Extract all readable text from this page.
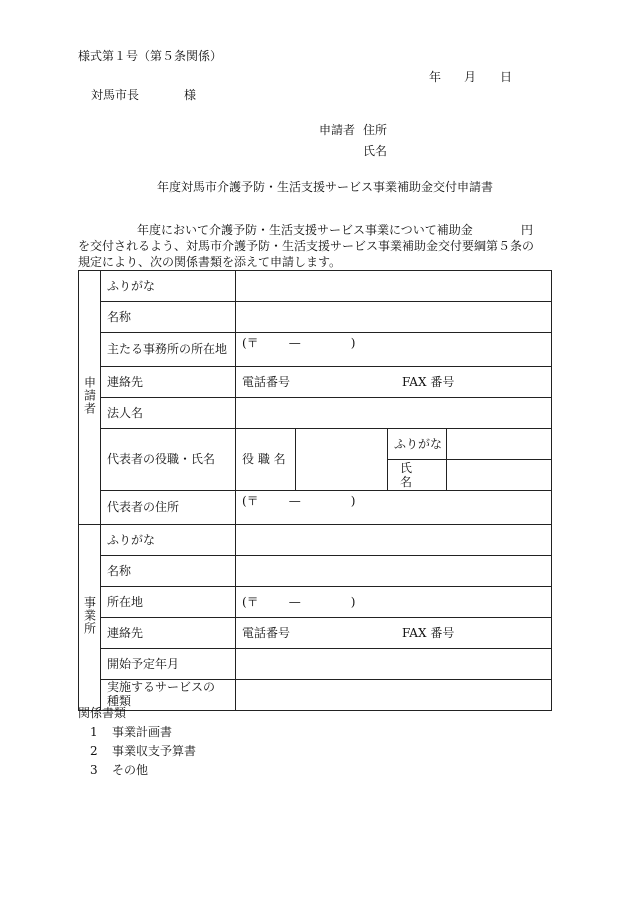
様式第１号（第５条関係）
年 月 日
対馬市長	様
申請者 住所
氏名
年度対馬市介護予防・生活支援サービス事業補助金交付申請書
年度において介護予防・生活支援サービス事業について補助金	円
を交付されるよう、対馬市介護予防・生活支援サービス事業補助金交付要綱第５条の
規定により、次の関係書類を添えて申請します。
申請者	ふりがな				
	名称				
	主たる事務所の所在地	(〒 — )			
	連絡先	電話番号 FAX 番号			
	法人名				
	代表者の役職・氏名	役 職 名		ふりがな	
				氏　　名	
	代表者の住所	(〒 — )			
事業所	ふりがな				
	名称				
	所在地	(〒 — )			
	連絡先	電話番号 FAX 番号			
	開始予定年月				
	実施するサービスの
種類				
関係書類
1 事業計画書
2 事業収支予算書
3 その他
